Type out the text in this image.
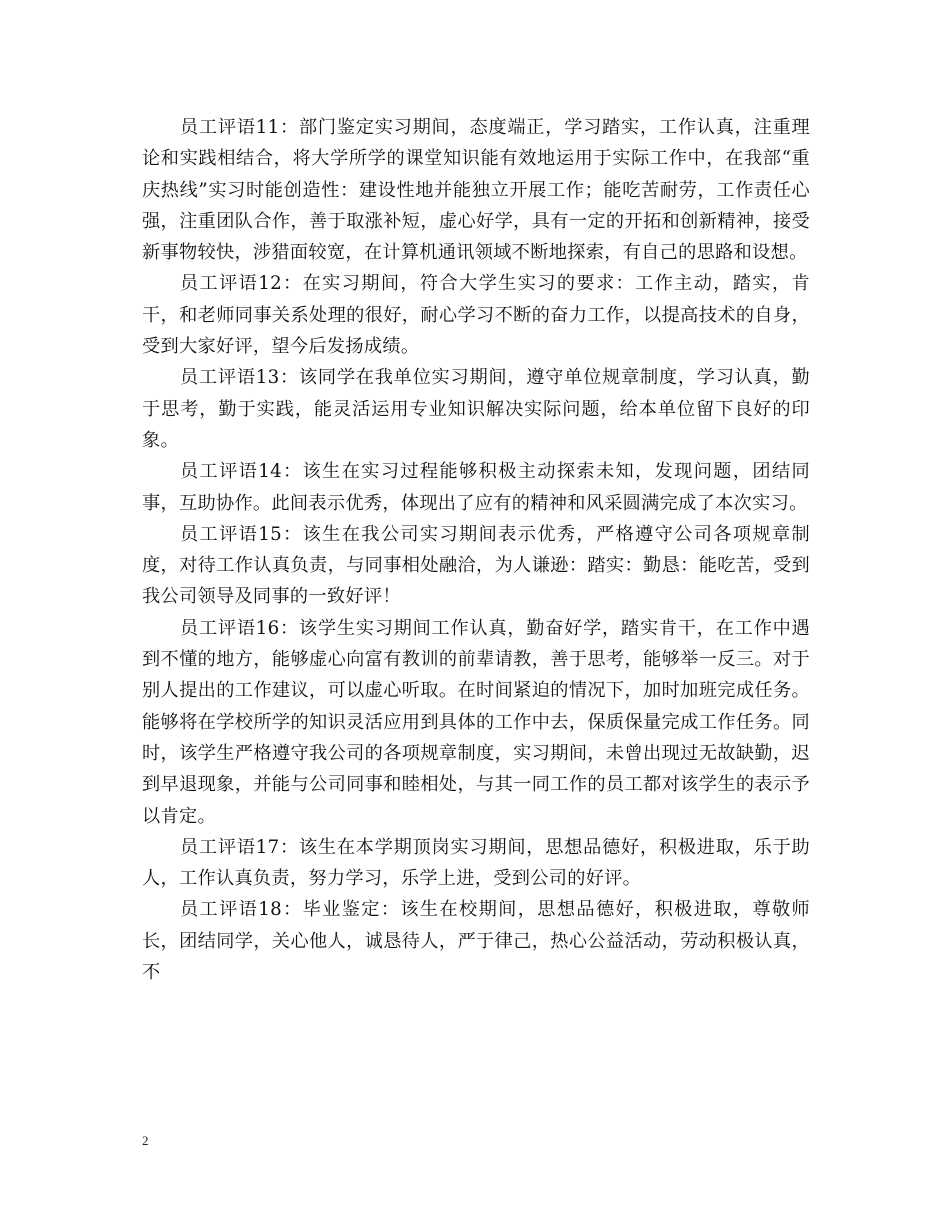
员工评语11：部门鉴定实习期间，态度端正，学习踏实，工作认真，注重理论和实践相结合，将大学所学的课堂知识能有效地运用于实际工作中，在我部“重庆热线”实习时能创造性：建设性地并能独立开展工作；能吃苦耐劳，工作责任心强，注重团队合作，善于取涨补短，虚心好学，具有一定的开拓和创新精神，接受新事物较快，涉猎面较宽，在计算机通讯领域不断地探索，有自己的思路和设想。

员工评语12：在实习期间，符合大学生实习的要求：工作主动，踏实，肯干，和老师同事关系处理的很好，耐心学习不断的奋力工作，以提高技术的自身，受到大家好评，望今后发扬成绩。

员工评语13：该同学在我单位实习期间，遵守单位规章制度，学习认真，勤于思考，勤于实践，能灵活运用专业知识解决实际问题，给本单位留下良好的印象。

员工评语14：该生在实习过程能够积极主动探索未知，发现问题，团结同事，互助协作。此间表示优秀，体现出了应有的精神和风采圆满完成了本次实习。

员工评语15：该生在我公司实习期间表示优秀，严格遵守公司各项规章制度，对待工作认真负责，与同事相处融洽，为人谦逊：踏实：勤恳：能吃苦，受到我公司领导及同事的一致好评！

员工评语16：该学生实习期间工作认真，勤奋好学，踏实肯干，在工作中遇到不懂的地方，能够虚心向富有教训的前辈请教，善于思考，能够举一反三。对于别人提出的工作建议，可以虚心听取。在时间紧迫的情况下，加时加班完成任务。能够将在学校所学的知识灵活应用到具体的工作中去，保质保量完成工作任务。同时，该学生严格遵守我公司的各项规章制度，实习期间，未曾出现过无故缺勤，迟到早退现象，并能与公司同事和睦相处，与其一同工作的员工都对该学生的表示予以肯定。

员工评语17：该生在本学期顶岗实习期间，思想品德好，积极进取，乐于助人，工作认真负责，努力学习，乐学上进，受到公司的好评。

员工评语18：毕业鉴定：该生在校期间，思想品德好，积极进取，尊敬师长，团结同学，关心他人，诚恳待人，严于律己，热心公益活动，劳动积极认真，不

2
